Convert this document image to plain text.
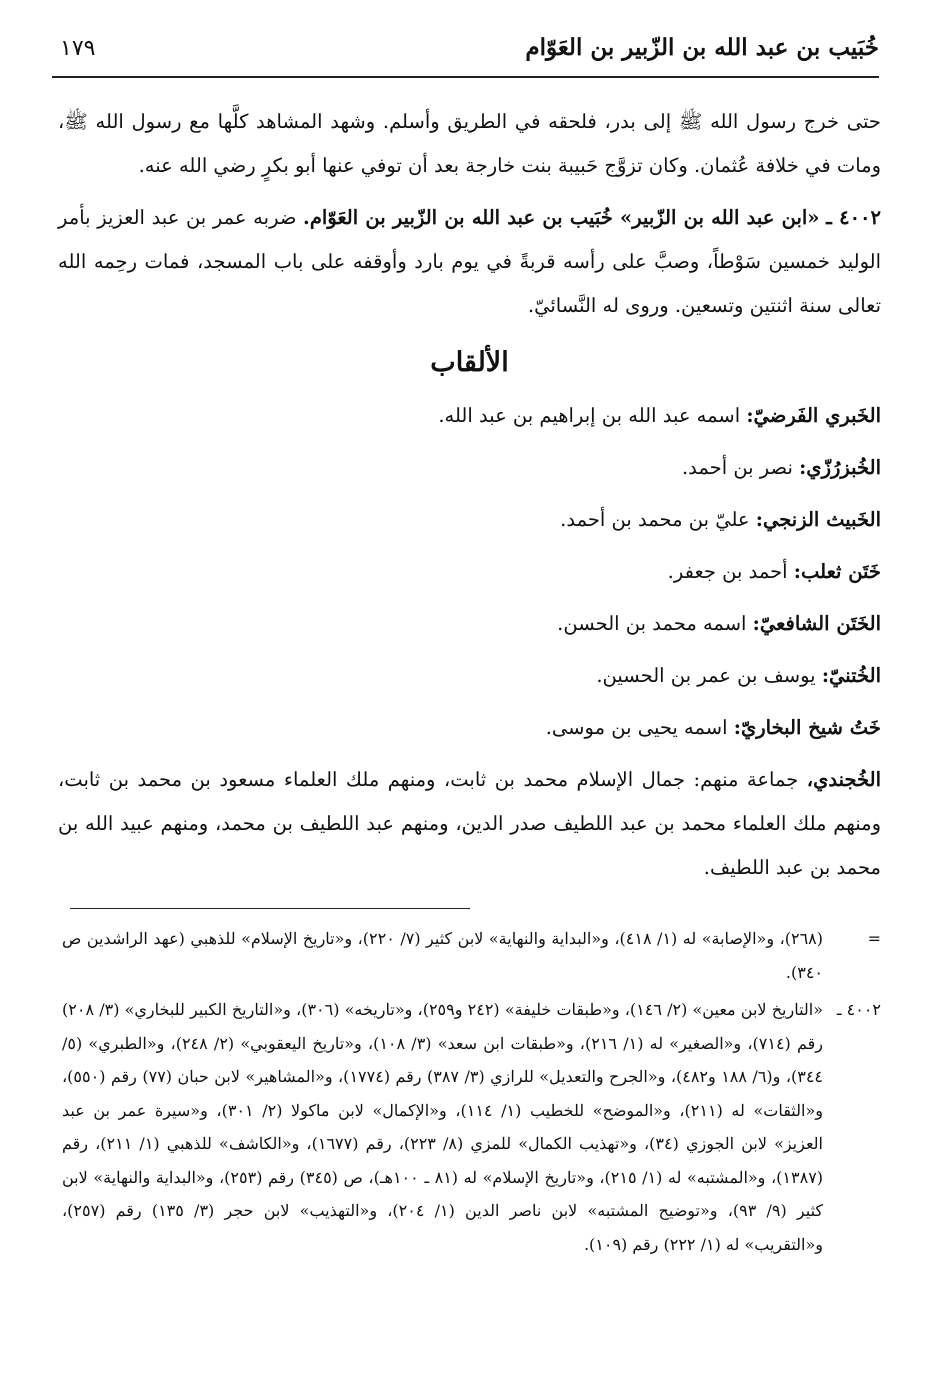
خُبَيب بن عبد الله بن الزّبير بن العَوّام
١٧٩

حتى خرج رسول الله ﷺ إلى بدر، فلحقه في الطريق وأسلم. وشهد المشاهد كلَّها مع رسول الله ﷺ، ومات في خلافة عُثمان. وكان تزوَّج حَبيبة بنت خارجة بعد أن توفي عنها أبو بكرٍ رضي الله عنه.

٤٠٠٢ ـ «ابن عبد الله بن الزّبير» خُبَيب بن عبد الله بن الزّبير بن العَوّام. ضربه عمر بن عبد العزيز بأمر الوليد خمسين سَوْطاً، وصبَّ على رأسه قربةً في يوم بارد وأوقفه على باب المسجد، فمات رحِمه الله تعالى سنة اثنتين وتسعين. وروى له النَّسائيّ.

الألقاب

الخَبري الفَرضيّ: اسمه عبد الله بن إبراهيم بن عبد الله.

الخُبزرُزّي: نصر بن أحمد.

الخَبيث الزنجي: عليّ بن محمد بن أحمد.

خَتَن ثعلب: أحمد بن جعفر.

الخَتَن الشافعيّ: اسمه محمد بن الحسن.

الخُتنيّ: يوسف بن عمر بن الحسين.

خَتُ شيخ البخاريّ: اسمه يحيى بن موسى.

الخُجندي، جماعة منهم: جمال الإسلام محمد بن ثابت، ومنهم ملك العلماء مسعود بن محمد بن ثابت، ومنهم ملك العلماء محمد بن عبد اللطيف صدر الدين، ومنهم عبد اللطيف بن محمد، ومنهم عبيد الله بن محمد بن عبد اللطيف.

=
(٢٦٨)، و«الإصابة» له (١/ ٤١٨)، و«البداية والنهاية» لابن كثير (٧/ ٢٢٠)، و«تاريخ الإسلام» للذهبي (عهد الراشدين ص ٣٤٠).
٤٠٠٢ ـ
«التاريخ لابن معين» (٢/ ١٤٦)، و«طبقات خليفة» (٢٤٢ و٢٥٩)، و«تاريخه» (٣٠٦)، و«التاريخ الكبير للبخاري» (٣/ ٢٠٨) رقم (٧١٤)، و«الصغير» له (١/ ٢١٦)، و«طبقات ابن سعد» (٣/ ١٠٨)، و«تاريخ اليعقوبي» (٢/ ٢٤٨)، و«الطبري» (٥/ ٣٤٤)، و(٦/ ١٨٨ و٤٨٢)، و«الجرح والتعديل» للرازي (٣/ ٣٨٧) رقم (١٧٧٤)، و«المشاهير» لابن حبان (٧٧) رقم (٥٥٠)، و«الثقات» له (٢١١)، و«الموضح» للخطيب (١/ ١١٤)، و«الإكمال» لابن ماكولا (٢/ ٣٠١)، و«سيرة عمر بن عبد العزيز» لابن الجوزي (٣٤)، و«تهذيب الكمال» للمزي (٨/ ٢٢٣)، رقم (١٦٧٧)، و«الكاشف» للذهبي (١/ ٢١١)، رقم (١٣٨٧)، و«المشتبه» له (١/ ٢١٥)، و«تاريخ الإسلام» له (٨١ ـ ١٠٠هـ)، ص (٣٤٥) رقم (٢٥٣)، و«البداية والنهاية» لابن كثير (٩/ ٩٣)، و«توضيح المشتبه» لابن ناصر الدين (١/ ٢٠٤)، و«التهذيب» لابن حجر (٣/ ١٣٥) رقم (٢٥٧)، و«التقريب» له (١/ ٢٢٢) رقم (١٠٩).
